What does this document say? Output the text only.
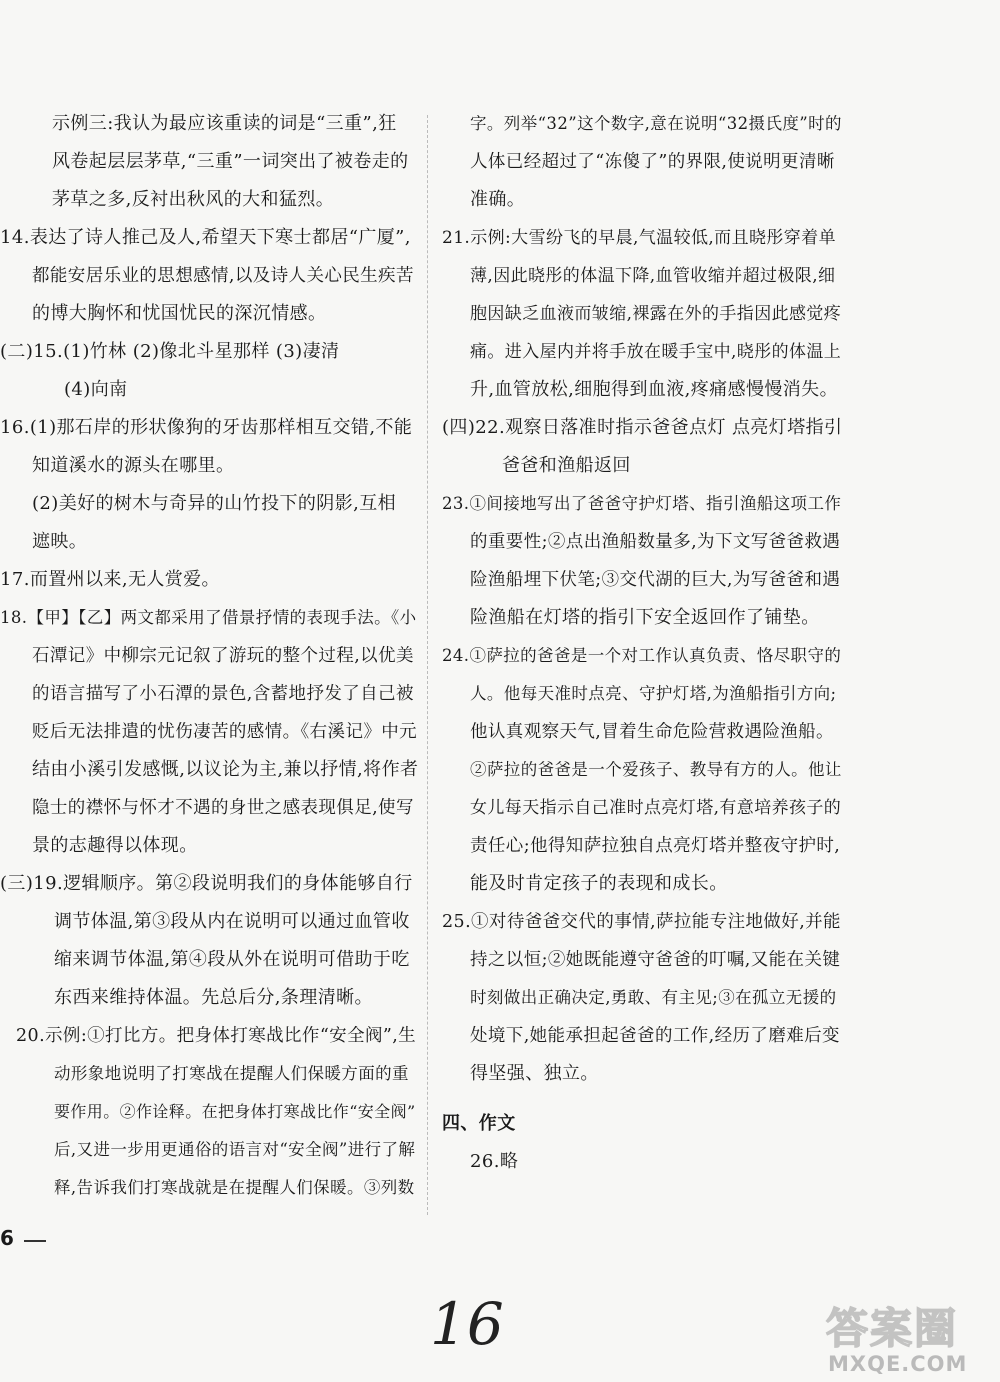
示例三:我认为最应该重读的词是“三重”,狂
风卷起层层茅草,“三重”一词突出了被卷走的
茅草之多,反衬出秋风的大和猛烈。
14.表达了诗人推己及人,希望天下寒士都居“广厦”,
都能安居乐业的思想感情,以及诗人关心民生疾苦
的博大胸怀和忧国忧民的深沉情感。
(二)15.(1)竹林 (2)像北斗星那样 (3)凄清
(4)向南
16.(1)那石岸的形状像狗的牙齿那样相互交错,不能
知道溪水的源头在哪里。
(2)美好的树木与奇异的山竹投下的阴影,互相
遮映。
17.而置州以来,无人赏爱。
18.【甲】【乙】两文都采用了借景抒情的表现手法。《小
石潭记》中柳宗元记叙了游玩的整个过程,以优美
的语言描写了小石潭的景色,含蓄地抒发了自己被
贬后无法排遣的忧伤凄苦的感情。《右溪记》中元
结由小溪引发感慨,以议论为主,兼以抒情,将作者
隐士的襟怀与怀才不遇的身世之感表现俱足,使写
景的志趣得以体现。
(三)19.逻辑顺序。第②段说明我们的身体能够自行
调节体温,第③段从内在说明可以通过血管收
缩来调节体温,第④段从外在说明可借助于吃
东西来维持体温。先总后分,条理清晰。
20.示例:①打比方。把身体打寒战比作“安全阀”,生
动形象地说明了打寒战在提醒人们保暖方面的重
要作用。②作诠释。在把身体打寒战比作“安全阀”
后,又进一步用更通俗的语言对“安全阀”进行了解
释,告诉我们打寒战就是在提醒人们保暖。③列数
字。列举“32”这个数字,意在说明“32摄氏度”时的
人体已经超过了“冻傻了”的界限,使说明更清晰
准确。
21.示例:大雪纷飞的早晨,气温较低,而且晓彤穿着单
薄,因此晓彤的体温下降,血管收缩并超过极限,细
胞因缺乏血液而皱缩,裸露在外的手指因此感觉疼
痛。进入屋内并将手放在暖手宝中,晓彤的体温上
升,血管放松,细胞得到血液,疼痛感慢慢消失。
(四)22.观察日落准时指示爸爸点灯 点亮灯塔指引
爸爸和渔船返回
23.①间接地写出了爸爸守护灯塔、指引渔船这项工作
的重要性;②点出渔船数量多,为下文写爸爸救遇
险渔船埋下伏笔;③交代湖的巨大,为写爸爸和遇
险渔船在灯塔的指引下安全返回作了铺垫。
24.①萨拉的爸爸是一个对工作认真负责、恪尽职守的
人。他每天准时点亮、守护灯塔,为渔船指引方向;
他认真观察天气,冒着生命危险营救遇险渔船。
②萨拉的爸爸是一个爱孩子、教导有方的人。他让
女儿每天指示自己准时点亮灯塔,有意培养孩子的
责任心;他得知萨拉独自点亮灯塔并整夜守护时,
能及时肯定孩子的表现和成长。
25.①对待爸爸交代的事情,萨拉能专注地做好,并能
持之以恒;②她既能遵守爸爸的叮嘱,又能在关键
时刻做出正确决定,勇敢、有主见;③在孤立无援的
处境下,她能承担起爸爸的工作,经历了磨难后变
得坚强、独立。
四、作文
26.略
6
16	答案圈
MXQE.COM
